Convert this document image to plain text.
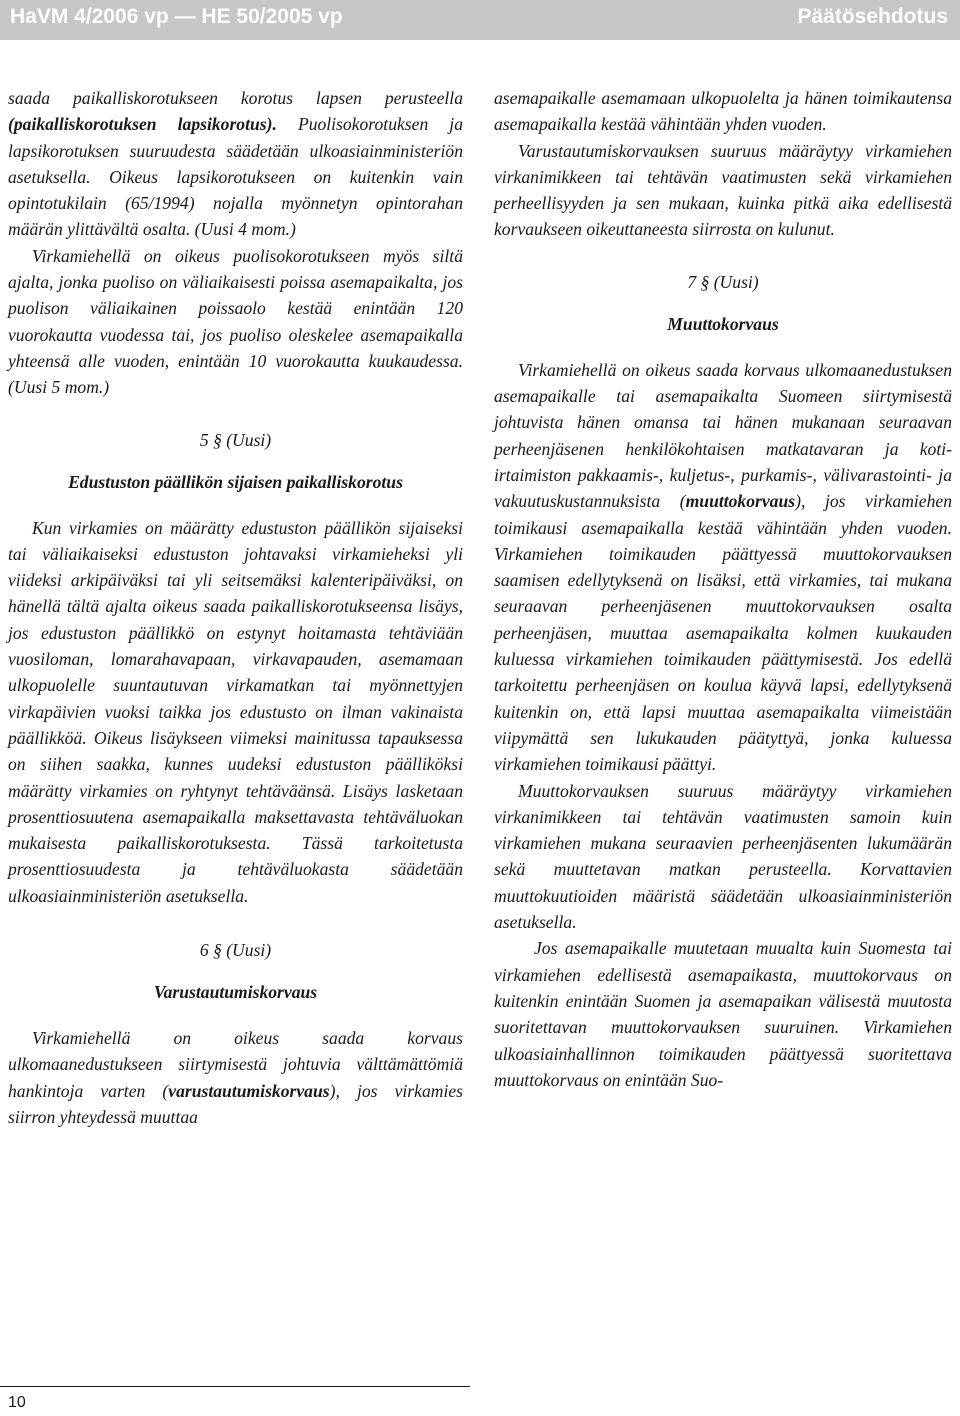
HaVM 4/2006 vp — HE 50/2005 vp	Päätösehdotus

saada paikalliskorotukseen korotus lapsen perusteella (paikalliskorotuksen lapsikorotus). Puolisokorotuksen ja lapsikorotuksen suuruudesta säädetään ulkoasiainministeriön asetuksella. Oikeus lapsikorotukseen on kuitenkin vain opintotukilain (65/1994) nojalla myönnetyn opintorahan määrän ylittävältä osalta. (Uusi 4 mom.)

Virkamiehellä on oikeus puolisokorotukseen myös siltä ajalta, jonka puoliso on väliaikaisesti poissa asemapaikalta, jos puolison väliaikainen poissaolo kestää enintään 120 vuorokautta vuodessa tai, jos puoliso oleskelee asemapaikalla yhteensä alle vuoden, enintään 10 vuorokautta kuukaudessa. (Uusi 5 mom.)

5 § (Uusi)

Edustuston päällikön sijaisen paikalliskorotus

Kun virkamies on määrätty edustuston päällikön sijaiseksi tai väliaikaiseksi edustuston johtavaksi virkamieheksi yli viideksi arkipäiväksi tai yli seitsemäksi kalenteripäiväksi, on hänellä tältä ajalta oikeus saada paikalliskorotukseensa lisäys, jos edustuston päällikkö on estynyt hoitamasta tehtäviään vuosiloman, lomarahavapaan, virkavapauden, asemamaan ulkopuolelle suuntautuvan virkamatkan tai myönnettyjen virkapäivien vuoksi taikka jos edustusto on ilman vakinaista päällikköä. Oikeus lisäykseen viimeksi mainitussa tapauksessa on siihen saakka, kunnes uudeksi edustuston päälliköksi määrätty virkamies on ryhtynyt tehtäväänsä. Lisäys lasketaan prosenttiosuutena asemapaikalla maksettavasta tehtäväluokan mukaisesta paikalliskorotuksesta. Tässä tarkoitetusta prosenttiosuudesta ja tehtäväluokasta säädetään ulkoasiainministeriön asetuksella.

6 § (Uusi)

Varustautumiskorvaus

Virkamiehellä on oikeus saada korvaus ulkomaanedustukseen siirtymisestä johtuvia välttämättömiä hankintoja varten (varustautumiskorvaus), jos virkamies siirron yhteydessä muuttaa

asemapaikalle asemamaan ulkopuolelta ja hänen toimikautensa asemapaikalla kestää vähintään yhden vuoden.

Varustautumiskorvauksen suuruus määräytyy virkamiehen virkanimikkeen tai tehtävän vaatimusten sekä virkamiehen perheellisyyden ja sen mukaan, kuinka pitkä aika edellisestä korvaukseen oikeuttaneesta siirrosta on kulunut.

7 § (Uusi)

Muuttokorvaus

Virkamiehellä on oikeus saada korvaus ulkomaanedustuksen asemapaikalle tai asemapaikalta Suomeen siirtymisestä johtuvista hänen omansa tai hänen mukanaan seuraavan perheenjäsenen henkilökohtaisen matkatavaran ja koti-irtaimiston pakkaamis-, kuljetus-, purkamis-, välivarastointi- ja vakuutuskustannuksista (muuttokorvaus), jos virkamiehen toimikausi asemapaikalla kestää vähintään yhden vuoden. Virkamiehen toimikauden päättyessä muuttokorvauksen saamisen edellytyksenä on lisäksi, että virkamies, tai mukana seuraavan perheenjäsenen muuttokorvauksen osalta perheenjäsen, muuttaa asemapaikalta kolmen kuukauden kuluessa virkamiehen toimikauden päättymisestä. Jos edellä tarkoitettu perheenjäsen on koulua käyvä lapsi, edellytyksenä kuitenkin on, että lapsi muuttaa asemapaikalta viimeistään viipymättä sen lukukauden päätyttyä, jonka kuluessa virkamiehen toimikausi päättyi.

Muuttokorvauksen suuruus määräytyy virkamiehen virkanimikkeen tai tehtävän vaatimusten samoin kuin virkamiehen mukana seuraavien perheenjäsenten lukumäärän sekä muuttetavan matkan perusteella. Korvattavien muuttokuutioiden määristä säädetään ulkoasiainministeriön asetuksella.

Jos asemapaikalle muutetaan muualta kuin Suomesta tai virkamiehen edellisestä asemapaikasta, muuttokorvaus on kuitenkin enintään Suomen ja asemapaikan välisestä muutosta suoritettavan muuttokorvauksen suuruinen. Virkamiehen ulkoasiainhallinnon toimikauden päättyessä suoritettava muuttokorvaus on enintään Suo-

10
